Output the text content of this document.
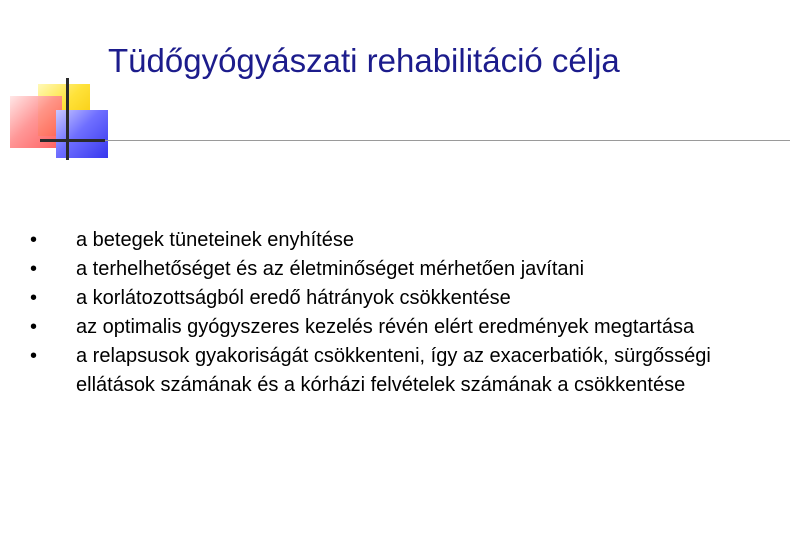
Tüdőgyógyászati rehabilitáció célja
•	a betegek tüneteinek enyhítése
•	a terhelhetőséget és az életminőséget mérhetően javítani
•	a korlátozottságból eredő hátrányok csökkentése
•	az optimalis gyógyszeres kezelés révén elért eredmények megtartása
•	a relapsusok gyakoriságát csökkenteni, így az exacerbatiók, sürgősségi ellátások számának és a kórházi felvételek számának a csökkentése
